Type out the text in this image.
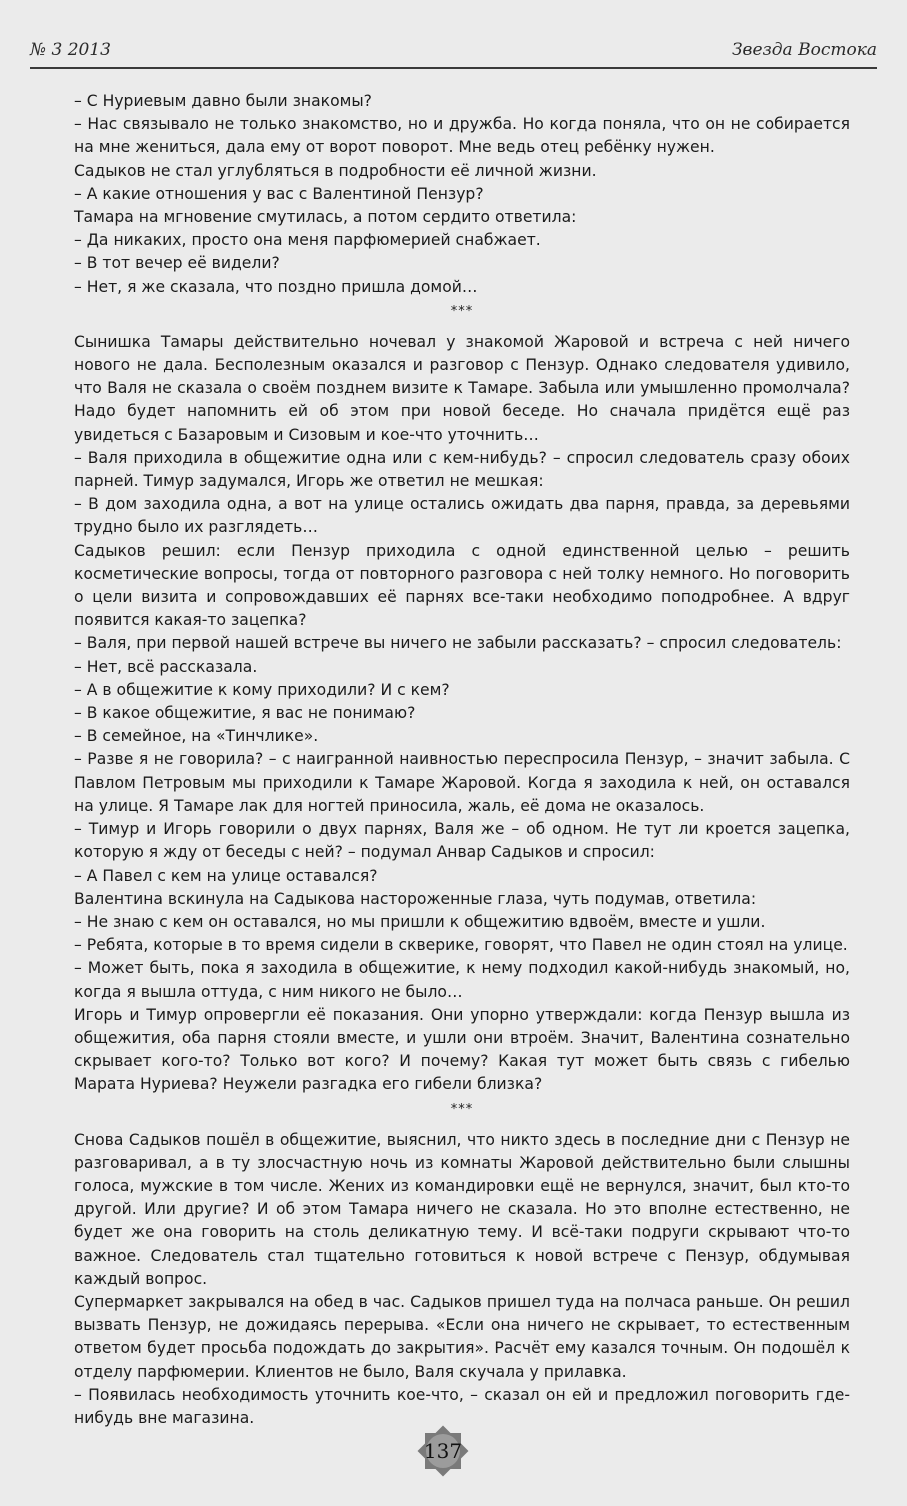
№ 3 2013	Звезда Востока

– С Нуриевым давно были знакомы?

– Нас связывало не только знакомство, но и дружба. Но когда поняла, что он не собирается на мне жениться, дала ему от ворот поворот. Мне ведь отец ребёнку нужен.

Садыков не стал углубляться в подробности её личной жизни.

– А какие отношения у вас с Валентиной Пензур?

Тамара на мгновение смутилась, а потом сердито ответила:

– Да никаких, просто она меня парфюмерией снабжает.

– В тот вечер её видели?

– Нет, я же сказала, что поздно пришла домой…

***

Сынишка Тамары действительно ночевал у знакомой Жаровой и встреча с ней ничего нового не дала. Бесполезным оказался и разговор с Пензур. Однако следователя удивило, что Валя не сказала о своём позднем визите к Тамаре. Забыла или умышленно промолчала? Надо будет напомнить ей об этом при новой беседе. Но сначала придётся ещё раз увидеться с Базаровым и Сизовым и кое-что уточнить…

– Валя приходила в общежитие одна или с кем-нибудь? – спросил следователь сразу обоих парней. Тимур задумался, Игорь же ответил не мешкая:

– В дом заходила одна, а вот на улице остались ожидать два парня, правда, за деревьями трудно было их разглядеть…

Садыков решил: если Пензур приходила с одной единственной целью – решить косметические вопросы, тогда от повторного разговора с ней толку немного. Но поговорить о цели визита и сопровождавших её парнях все-таки необходимо поподробнее. А вдруг появится какая-то зацепка?

– Валя, при первой нашей встрече вы ничего не забыли рассказать? – спросил следователь:

– Нет, всё рассказала.

– А в общежитие к кому приходили? И с кем?

– В какое общежитие, я вас не понимаю?

– В семейное, на «Тинчлике».

– Разве я не говорила? – с наигранной наивностью переспросила Пензур, – значит забыла. С Павлом Петровым мы приходили к Тамаре Жаровой. Когда я заходила к ней, он оставался на улице. Я Тамаре лак для ногтей приносила, жаль, её дома не оказалось.

– Тимур и Игорь говорили о двух парнях, Валя же – об одном. Не тут ли кроется зацепка, которую я жду от беседы с ней? – подумал Анвар Садыков и спросил:

– А Павел с кем на улице оставался?

Валентина вскинула на Садыкова настороженные глаза, чуть подумав, ответила:

– Не знаю с кем он оставался, но мы пришли к общежитию вдвоём, вместе и ушли.

– Ребята, которые в то время сидели в скверике, говорят, что Павел не один стоял на улице.

– Может быть, пока я заходила в общежитие, к нему подходил какой-нибудь знакомый, но, когда я вышла оттуда, с ним никого не было…

Игорь и Тимур опровергли её показания. Они упорно утверждали: когда Пензур вышла из общежития, оба парня стояли вместе, и ушли они втроём. Значит, Валентина сознательно скрывает кого-то? Только вот кого? И почему? Какая тут может быть связь с гибелью Марата Нуриева? Неужели разгадка его гибели близка?

***

Снова Садыков пошёл в общежитие, выяснил, что никто здесь в последние дни с Пензур не разговаривал, а в ту злосчастную ночь из комнаты Жаровой действительно были слышны голоса, мужские в том числе. Жених из командировки ещё не вернулся, значит, был кто-то другой. Или другие? И об этом Тамара ничего не сказала. Но это вполне естественно, не будет же она говорить на столь деликатную тему. И всё-таки подруги скрывают что-то важное. Следователь стал тщательно готовиться к новой встрече с Пензур, обдумывая каждый вопрос.

Супермаркет закрывался на обед в час. Садыков пришел туда на полчаса раньше. Он решил вызвать Пензур, не дожидаясь перерыва. «Если она ничего не скрывает, то естественным ответом будет просьба подождать до закрытия». Расчёт ему казался точным. Он подошёл к отделу парфюмерии. Клиентов не было, Валя скучала у прилавка.

– Появилась необходимость уточнить кое-что, – сказал он ей и предложил поговорить где-нибудь вне магазина.

137
